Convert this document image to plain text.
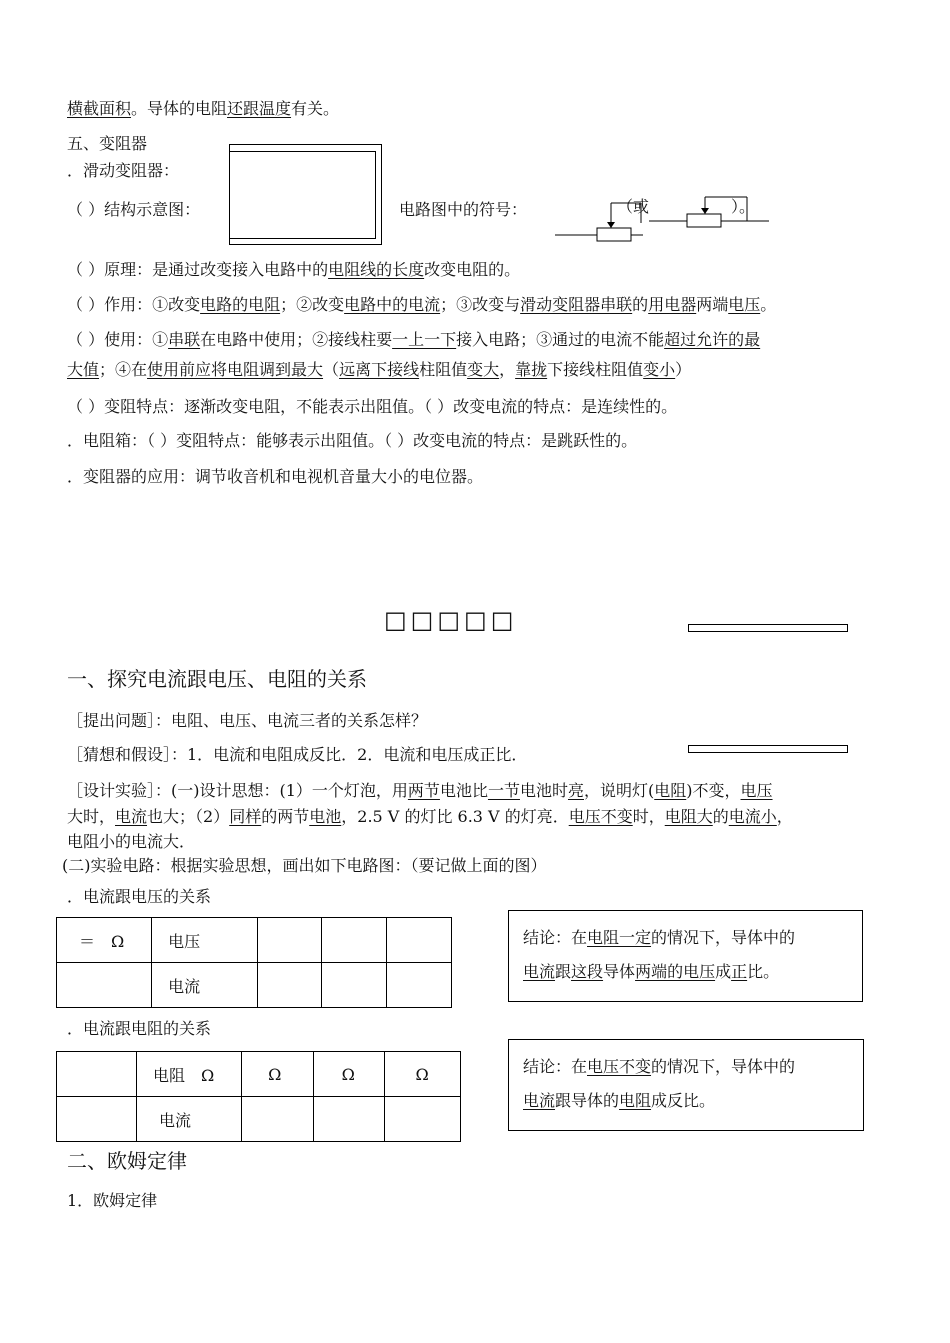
横截面积。导体的电阻还跟温度有关。
五、变阻器
．滑动变阻器：
（ ）结构示意图：	电路图中的符号：	（或	）。
（ ）原理：是通过改变接入电路中的电阻线的长度改变电阻的。
（ ）作用：①改变电路的电阻；②改变电路中的电流；③改变与滑动变阻器串联的用电器两端电压。
（ ）使用：①串联在电路中使用；②接线柱要一上一下接入电路；③通过的电流不能超过允许的最
大值；④在使用前应将电阻调到最大（远离下接线柱阻值变大，靠拢下接线柱阻值变小）
（ ）变阻特点：逐渐改变电阻，不能表示出阻值。（ ）改变电流的特点：是连续性的。
．电阻箱：（ ）变阻特点：能够表示出阻值。（ ）改变电流的特点：是跳跃性的。
．变阻器的应用：调节收音机和电视机音量大小的电位器。
□□□□□
一、探究电流跟电压、电阻的关系
［提出问题］：电阻、电压、电流三者的关系怎样？
［猜想和假设］：1．电流和电阻成反比．2．电流和电压成正比．
［设计实验］：(一)设计思想：(1）一个灯泡，用两节电池比一节电池时亮，说明灯(电阻)不变，电压
大时，电流也大；（2）同样的两节电池，2.5 V 的灯比 6.3 V 的灯亮．电压不变时，电阻大的电流小，
电阻小的电流大．
(二)实验电路：根据实验思想，画出如下电路图：（要记做上面的图）
．电流跟电压的关系
＝　Ω	电压			
	电流			
结论：在电阻一定的情况下，导体中的
电流跟这段导体两端的电压成正比。
．电流跟电阻的关系
	电阻　Ω	Ω	Ω	Ω
	电流			
结论：在电压不变的情况下，导体中的
电流跟导体的电阻成反比。
二、欧姆定律
1．欧姆定律
